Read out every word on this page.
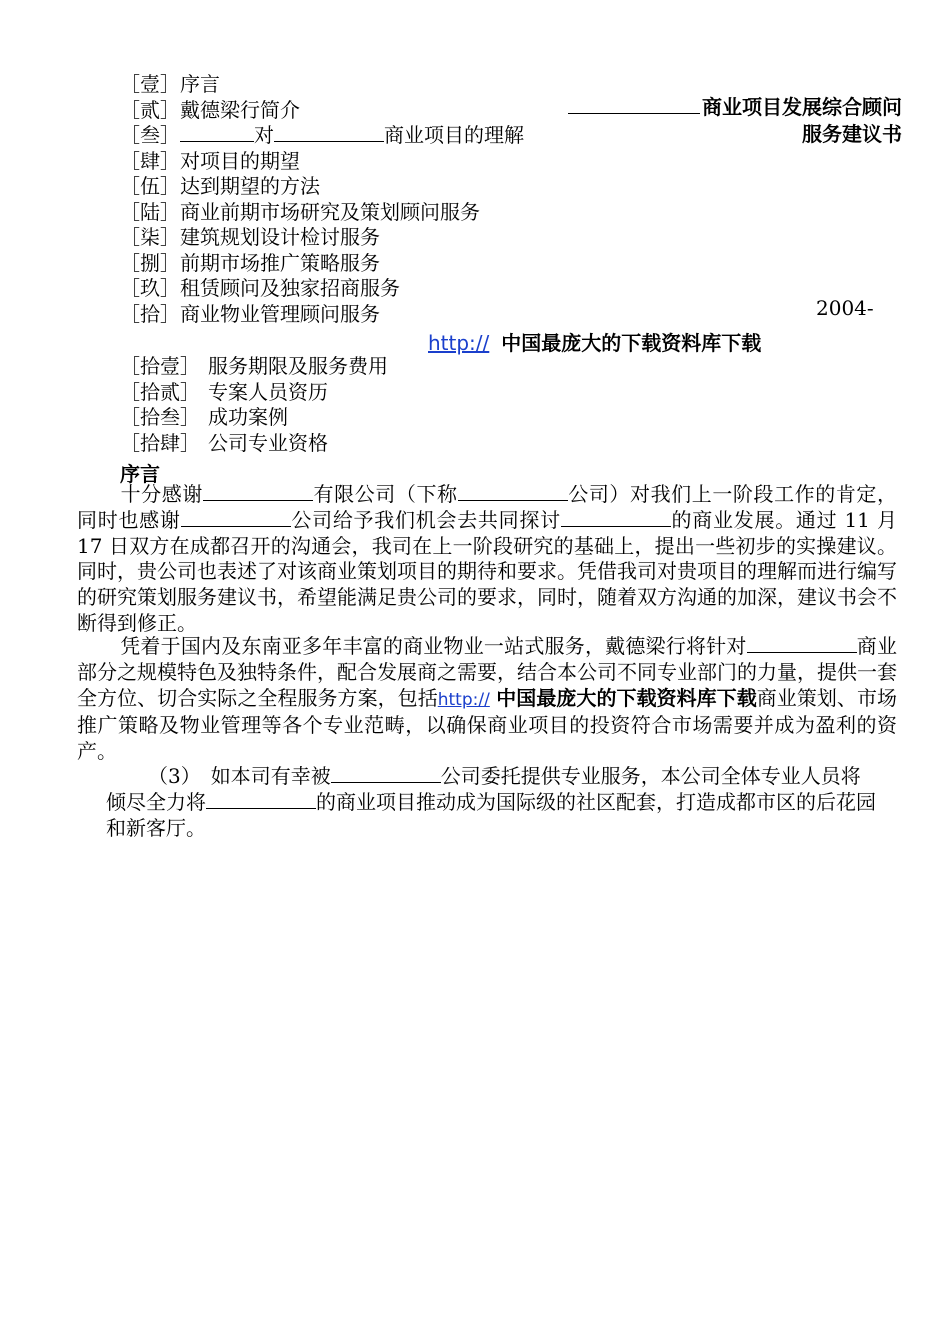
［壹］序言
［贰］戴德梁行简介
［叁］	对	商业项目的理解
［肆］对项目的期望
［伍］达到期望的方法
［陆］商业前期市场研究及策划顾问服务
［柒］建筑规划设计检讨服务
［捌］前期市场推广策略服务
［玖］租赁顾问及独家招商服务
［拾］商业物业管理顾问服务
商业项目发展综合顾问
服务建议书
2004-
http:// 中国最庞大的下载资料库下载
［拾壹］ 服务期限及服务费用
［拾贰］ 专案人员资历
［拾叁］ 成功案例
［拾肆］ 公司专业资格
序言
十分感谢	有限公司（下称	公司）对我们上一阶段工作的肯定，同时也感谢	公司给予我们机会去共同探讨	的商业发展。通过 11 月 17 日双方在成都召开的沟通会，我司在上一阶段研究的基础上，提出一些初步的实操建议。同时，贵公司也表述了对该商业策划项目的期待和要求。凭借我司对贵项目的理解而进行编写的研究策划服务建议书，希望能满足贵公司的要求，同时，随着双方沟通的加深，建议书会不断得到修正。
凭着于国内及东南亚多年丰富的商业物业一站式服务，戴德梁行将针对	商业部分之规模特色及独特条件，配合发展商之需要，结合本公司不同专业部门的力量，提供一套全方位、切合实际之全程服务方案，包括http:// 中国最庞大的下载资料库下载商业策划、市场推广策略及物业管理等各个专业范畴，以确保商业项目的投资符合市场需要并成为盈利的资产。
（3）　如本司有幸被	公司委托提供专业服务，本公司全体专业人员将倾尽全力将	的商业项目推动成为国际级的社区配套，打造成都市区的后花园和新客厅。
